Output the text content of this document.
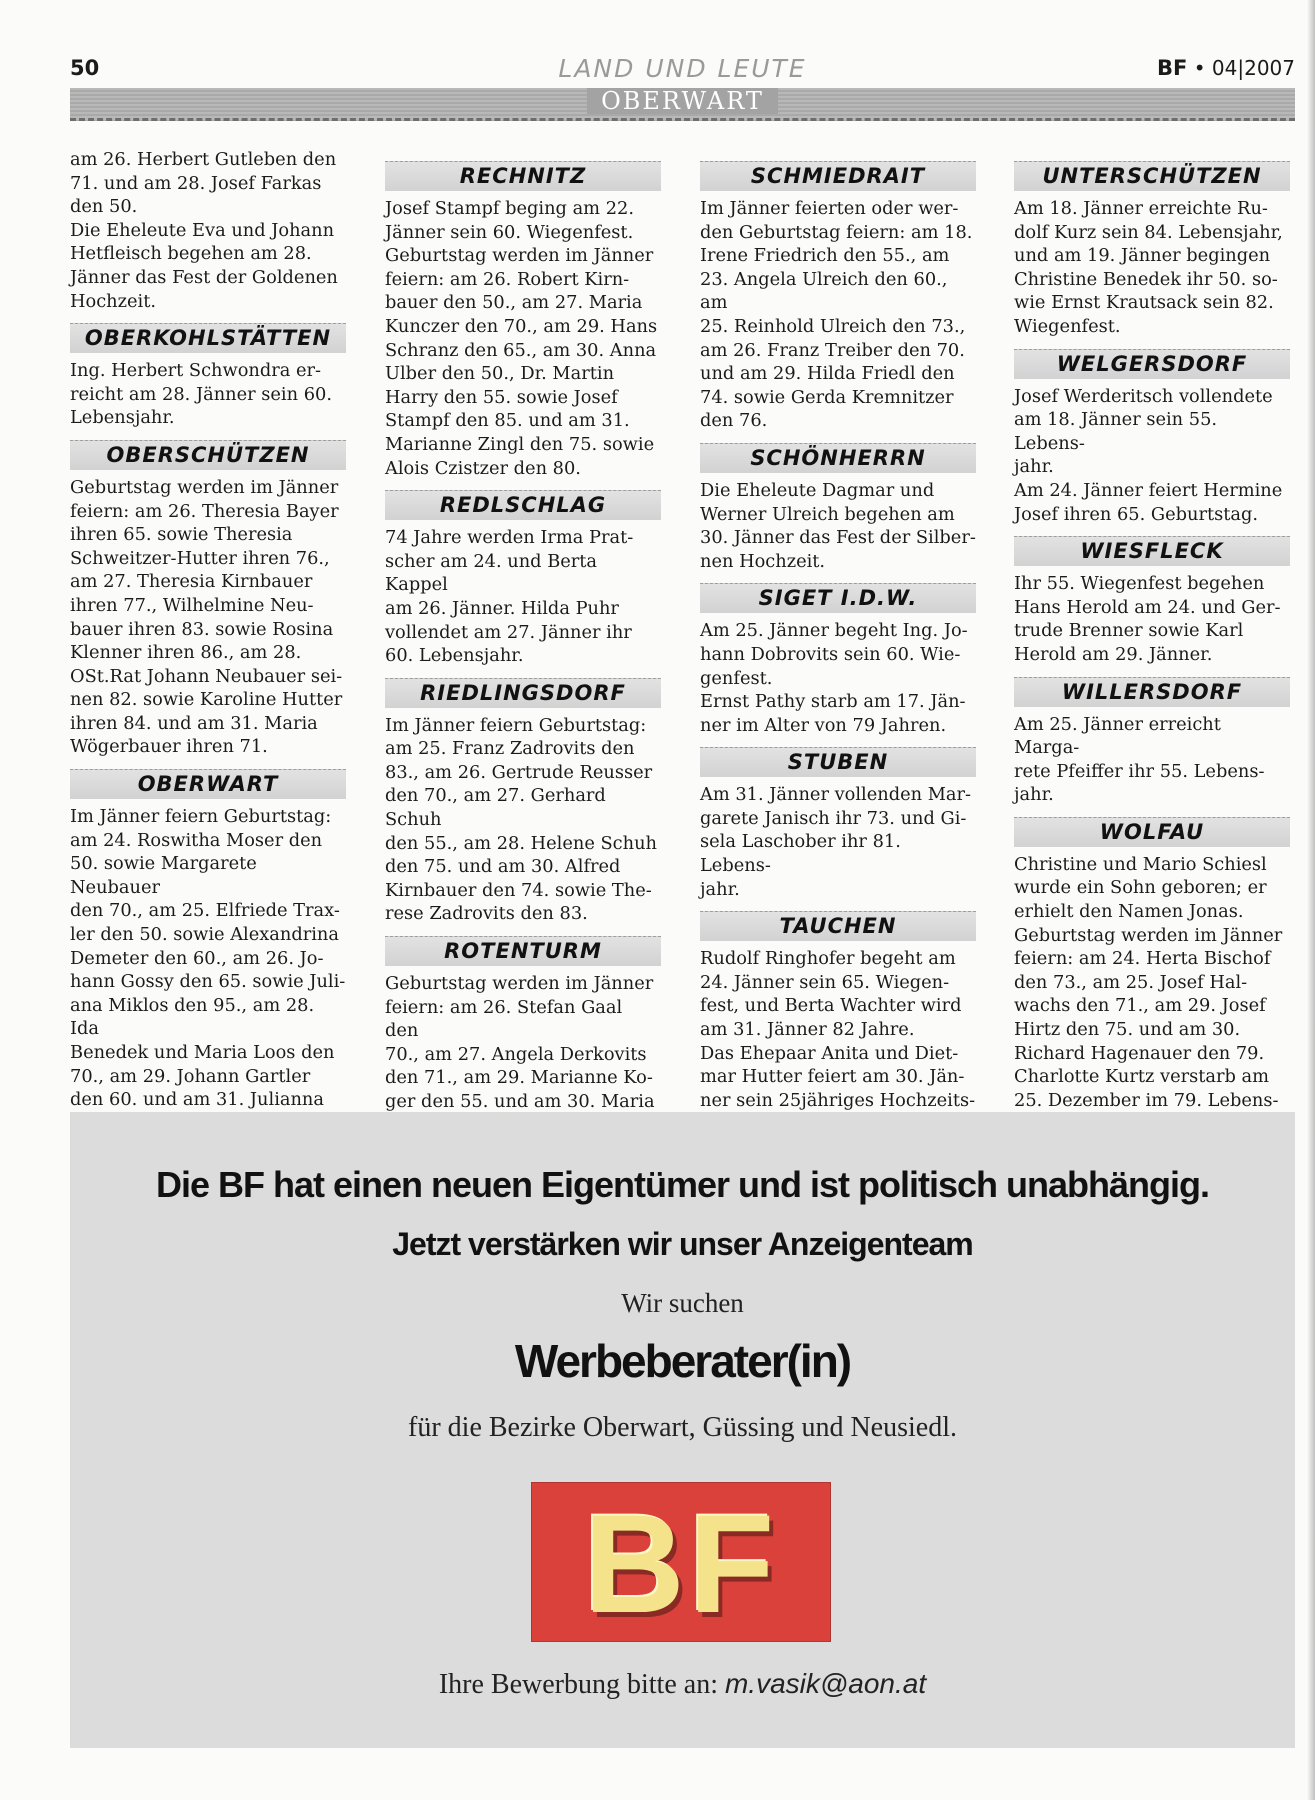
50	LAND UND LEUTE	BF • 04|2007
OBERWART

am 26. Herbert Gutleben den
71. und am 28. Josef Farkas
den 50.

Die Eheleute Eva und Johann
Hetfleisch begehen am 28.
Jänner das Fest der Goldenen
Hochzeit.

OBERKOHLSTÄTTEN

Ing. Herbert Schwondra er-
reicht am 28. Jänner sein 60.
Lebensjahr.

OBERSCHÜTZEN

Geburtstag werden im Jänner
feiern: am 26. Theresia Bayer
ihren 65. sowie Theresia
Schweitzer-Hutter ihren 76.,
am 27. Theresia Kirnbauer
ihren 77., Wilhelmine Neu-
bauer ihren 83. sowie Rosina
Klenner ihren 86., am 28.
OSt.Rat Johann Neubauer sei-
nen 82. sowie Karoline Hutter
ihren 84. und am 31. Maria
Wögerbauer ihren 71.

OBERWART

Im Jänner feiern Geburtstag:
am 24. Roswitha Moser den
50. sowie Margarete Neubauer
den 70., am 25. Elfriede Trax-
ler den 50. sowie Alexandrina
Demeter den 60., am 26. Jo-
hann Gossy den 65. sowie Juli-
ana Miklos den 95., am 28. Ida
Benedek und Maria Loos den
70., am 29. Johann Gartler
den 60. und am 31. Julianna

RECHNITZ

Josef Stampf beging am 22.
Jänner sein 60. Wiegenfest.
Geburtstag werden im Jänner
feiern: am 26. Robert Kirn-
bauer den 50., am 27. Maria
Kunczer den 70., am 29. Hans
Schranz den 65., am 30. Anna
Ulber den 50., Dr. Martin
Harry den 55. sowie Josef
Stampf den 85. und am 31.
Marianne Zingl den 75. sowie
Alois Czistzer den 80.

REDLSCHLAG

74 Jahre werden Irma Prat-
scher am 24. und Berta Kappel
am 26. Jänner. Hilda Puhr
vollendet am 27. Jänner ihr
60. Lebensjahr.

RIEDLINGSDORF

Im Jänner feiern Geburtstag:
am 25. Franz Zadrovits den
83., am 26. Gertrude Reusser
den 70., am 27. Gerhard Schuh
den 55., am 28. Helene Schuh
den 75. und am 30. Alfred
Kirnbauer den 74. sowie The-
rese Zadrovits den 83.

ROTENTURM

Geburtstag werden im Jänner
feiern: am 26. Stefan Gaal den
70., am 27. Angela Derkovits
den 71., am 29. Marianne Ko-
ger den 55. und am 30. Maria

SCHMIEDRAIT

Im Jänner feierten oder wer-
den Geburtstag feiern: am 18.
Irene Friedrich den 55., am
23. Angela Ulreich den 60., am
25. Reinhold Ulreich den 73.,
am 26. Franz Treiber den 70.
und am 29. Hilda Friedl den
74. sowie Gerda Kremnitzer
den 76.

SCHÖNHERRN

Die Eheleute Dagmar und
Werner Ulreich begehen am
30. Jänner das Fest der Silber-
nen Hochzeit.

SIGET I.D.W.

Am 25. Jänner begeht Ing. Jo-
hann Dobrovits sein 60. Wie-
genfest.

Ernst Pathy starb am 17. Jän-
ner im Alter von 79 Jahren.

STUBEN

Am 31. Jänner vollenden Mar-
garete Janisch ihr 73. und Gi-
sela Laschober ihr 81. Lebens-
jahr.

TAUCHEN

Rudolf Ringhofer begeht am
24. Jänner sein 65. Wiegen-
fest, und Berta Wachter wird
am 31. Jänner 82 Jahre.

Das Ehepaar Anita und Diet-
mar Hutter feiert am 30. Jän-
ner sein 25jähriges Hochzeits-

UNTERSCHÜTZEN

Am 18. Jänner erreichte Ru-
dolf Kurz sein 84. Lebensjahr,
und am 19. Jänner begingen
Christine Benedek ihr 50. so-
wie Ernst Krautsack sein 82.
Wiegenfest.

WELGERSDORF

Josef Werderitsch vollendete
am 18. Jänner sein 55. Lebens-
jahr.

Am 24. Jänner feiert Hermine
Josef ihren 65. Geburtstag.

WIESFLECK

Ihr 55. Wiegenfest begehen
Hans Herold am 24. und Ger-
trude Brenner sowie Karl
Herold am 29. Jänner.

WILLERSDORF

Am 25. Jänner erreicht Marga-
rete Pfeiffer ihr 55. Lebens-
jahr.

WOLFAU

Christine und Mario Schiesl
wurde ein Sohn geboren; er
erhielt den Namen Jonas.

Geburtstag werden im Jänner
feiern: am 24. Herta Bischof
den 73., am 25. Josef Hal-
wachs den 71., am 29. Josef
Hirtz den 75. und am 30.
Richard Hagenauer den 79.

Charlotte Kurtz verstarb am
25. Dezember im 79. Lebens-

Die BF hat einen neuen Eigentümer und ist politisch unabhängig.
Jetzt verstärken wir unser Anzeigenteam
Wir suchen
Werbeberater(in)
für die Bezirke Oberwart, Güssing und Neusiedl.
BF
Ihre Bewerbung bitte an: m.vasik@aon.at
